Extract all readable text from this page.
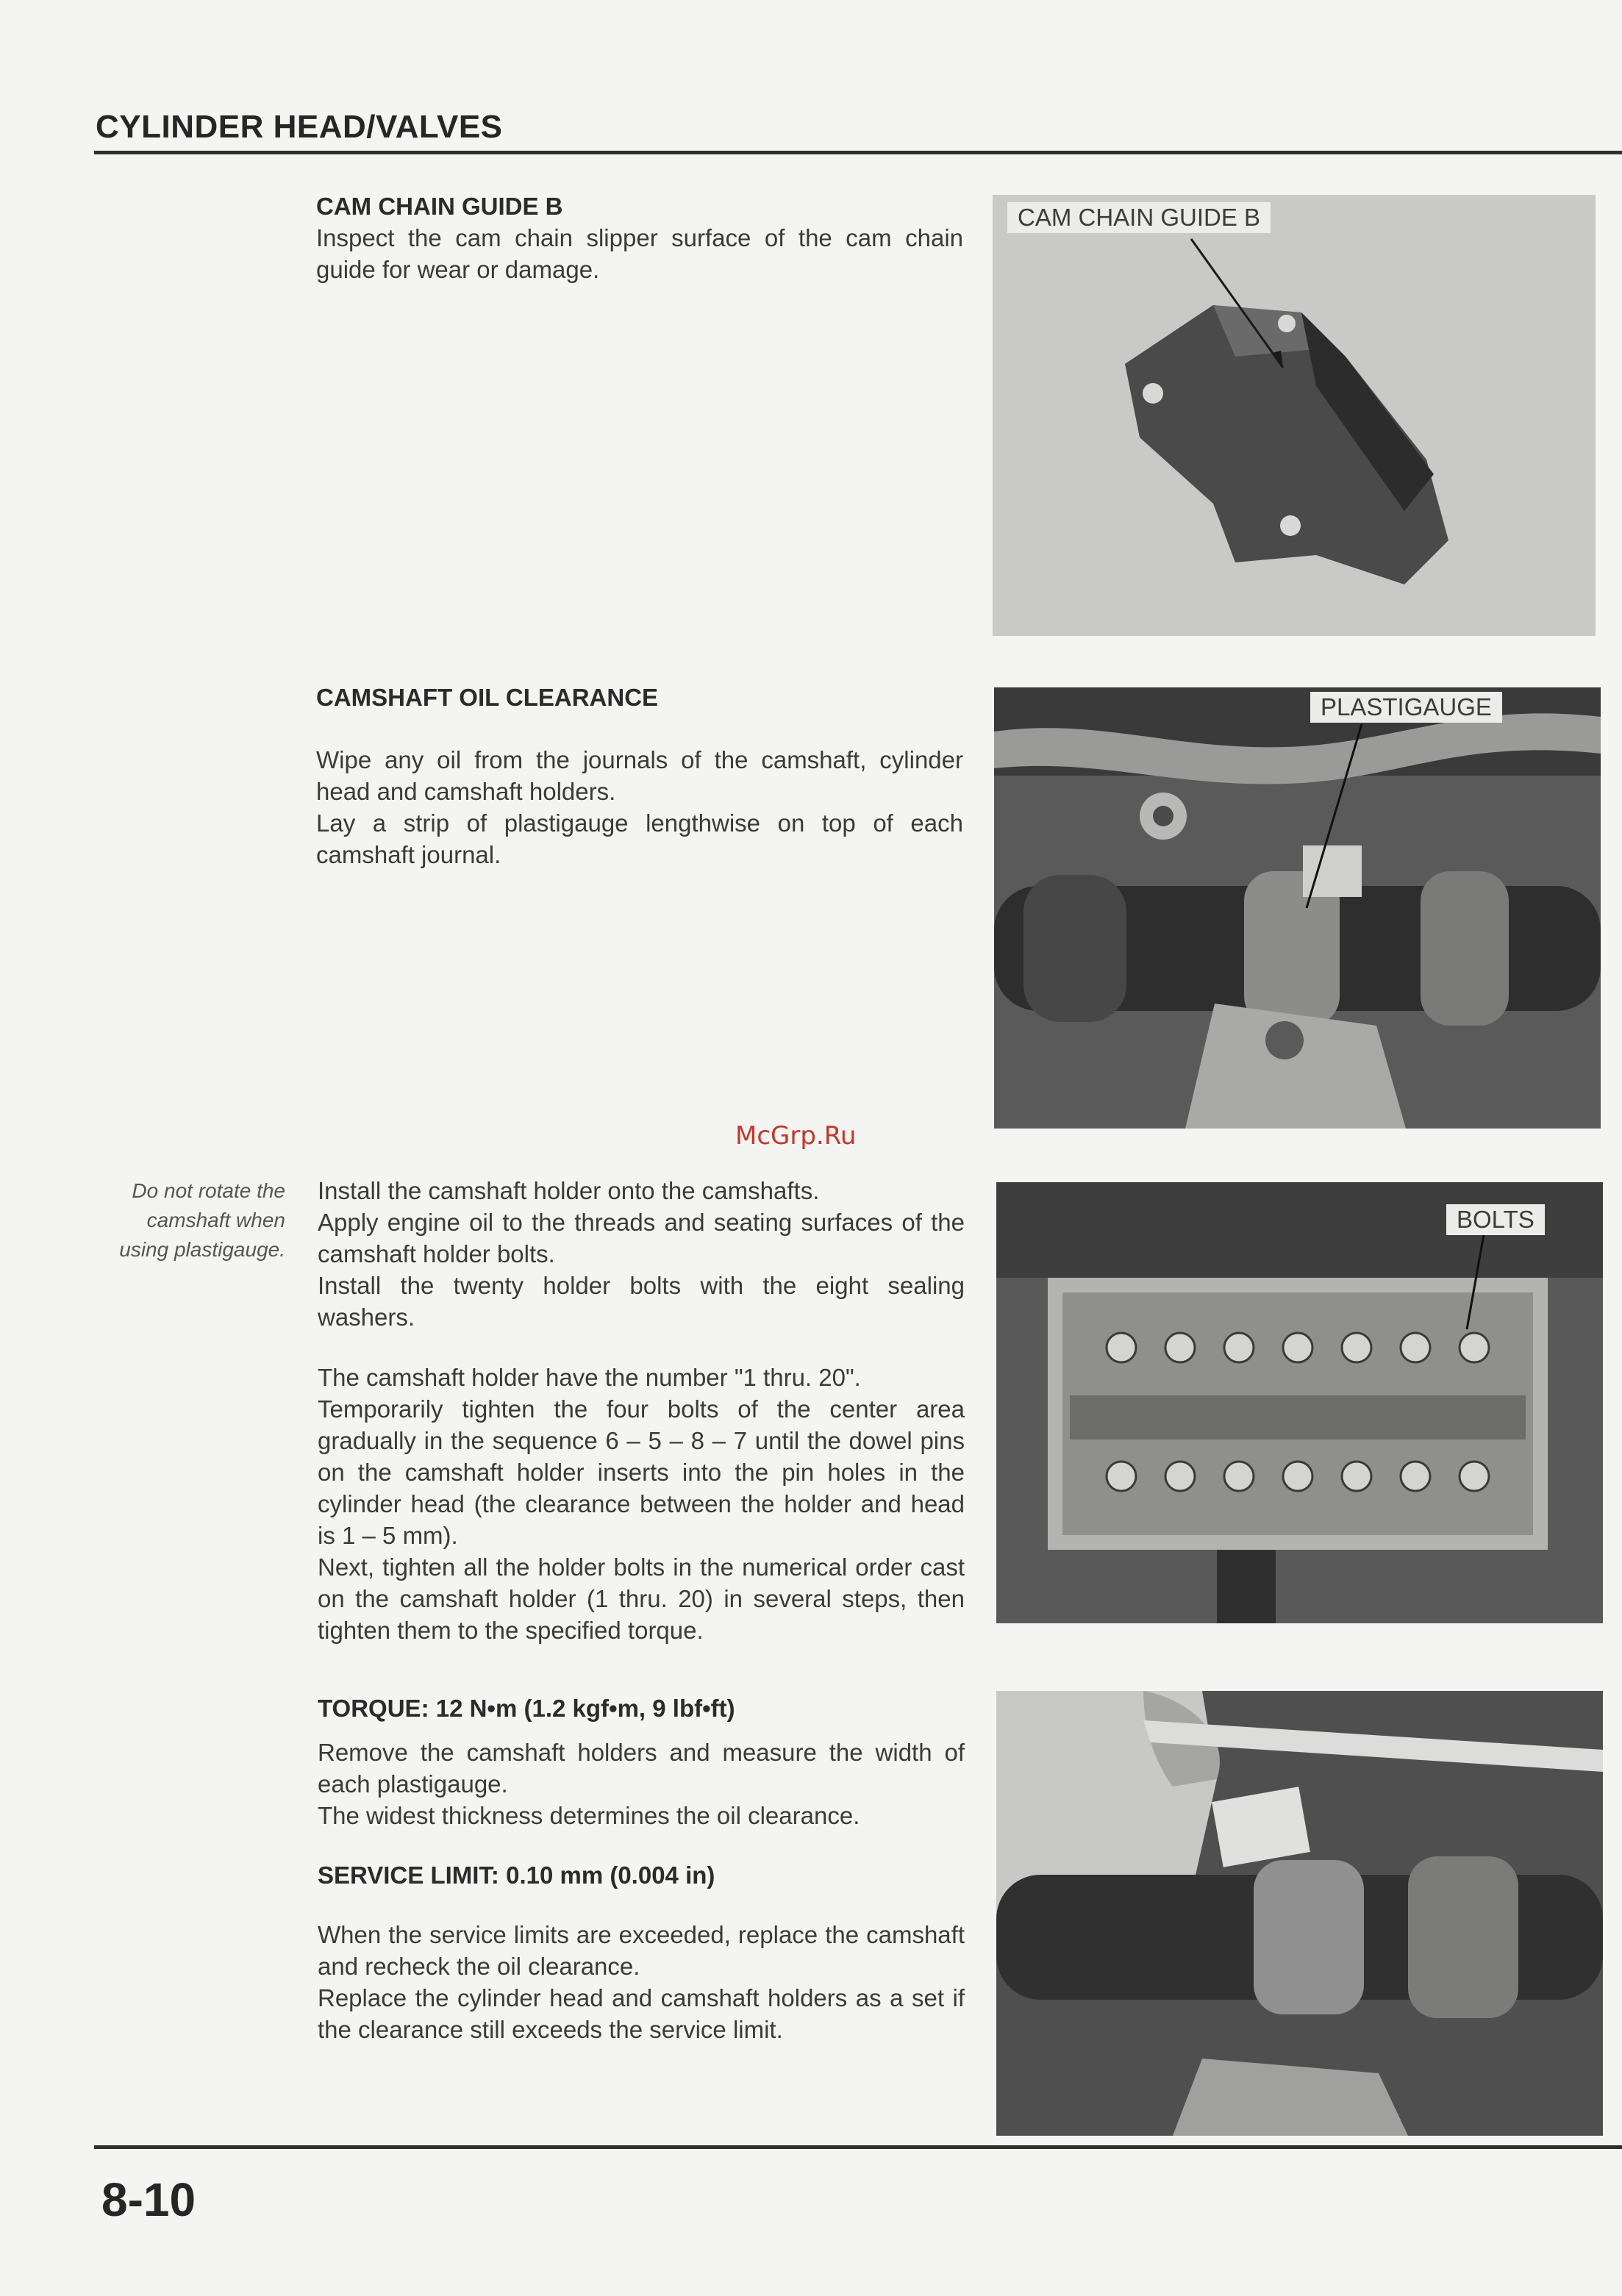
CYLINDER HEAD/VALVES
CAM CHAIN GUIDE B
Inspect the cam chain slipper surface of the cam chain guide for wear or damage.
CAM CHAIN GUIDE B
CAMSHAFT OIL CLEARANCE
Wipe any oil from the journals of the camshaft, cylinder head and camshaft holders.
Lay a strip of plastigauge lengthwise on top of each camshaft journal.
PLASTIGAUGE
McGrp.Ru
Do not rotate the
camshaft when
using plastigauge.
Install the camshaft holder onto the camshafts.
Apply engine oil to the threads and seating surfaces of the camshaft holder bolts.
Install the twenty holder bolts with the eight sealing washers.
The camshaft holder have the number "1 thru. 20".
Temporarily tighten the four bolts of the center area gradually in the sequence 6 – 5 – 8 – 7 until the dowel pins on the camshaft holder inserts into the pin holes in the cylinder head (the clearance between the holder and head is 1 – 5 mm).
Next, tighten all the holder bolts in the numerical order cast on the camshaft holder (1 thru. 20) in several steps, then tighten them to the specified torque.
BOLTS
TORQUE: 12 N•m (1.2 kgf•m, 9 lbf•ft)
Remove the camshaft holders and measure the width of each plastigauge.
The widest thickness determines the oil clearance.
SERVICE LIMIT: 0.10 mm (0.004 in)
When the service limits are exceeded, replace the camshaft and recheck the oil clearance.
Replace the cylinder head and camshaft holders as a set if the clearance still exceeds the service limit.
8-10
